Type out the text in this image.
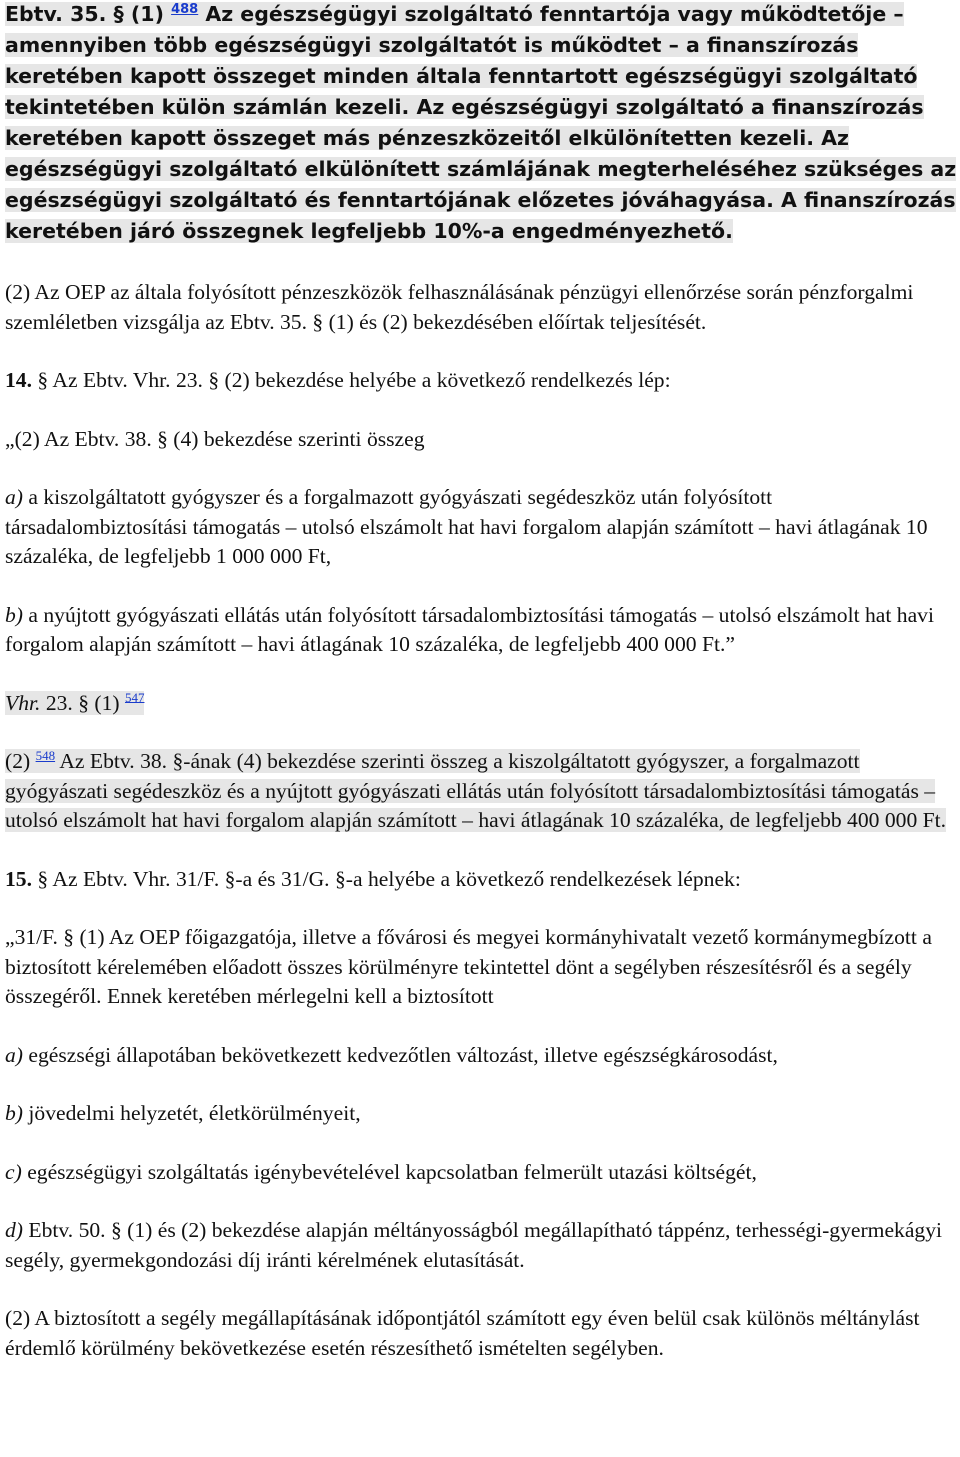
Ebtv. 35. § (1) $^{488}$ Az egészségügyi szolgáltató fenntartója vagy működtetője – amennyiben több egészségügyi szolgáltatót is működtet – a finanszírozás keretében kapott összeget minden általa fenntartott egészségügyi szolgáltató tekintetében külön számlán kezeli. Az egészségügyi szolgáltató a finanszírozás keretében kapott összeget más pénzeszközeitől elkülönítetten kezeli. Az egészségügyi szolgáltató elkülönített számlájának megterheléséhez szükséges az egészségügyi szolgáltató és fenntartójának előzetes jóváhagyása. A finanszírozás keretében járó összegnek legfeljebb 10%-a engedményezhető.

(2) Az OEP az általa folyósított pénzeszközök felhasználásának pénzügyi ellenőrzése során pénzforgalmi szemléletben vizsgálja az Ebtv. 35. § (1) és (2) bekezdésében előírtak teljesítését.

14. § Az Ebtv. Vhr. 23. § (2) bekezdése helyébe a következő rendelkezés lép:

„(2) Az Ebtv. 38. § (4) bekezdése szerinti összeg

a) a kiszolgáltatott gyógyszer és a forgalmazott gyógyászati segédeszköz után folyósított társadalombiztosítási támogatás – utolsó elszámolt hat havi forgalom alapján számított – havi átlagának 10 százaléka, de legfeljebb 1 000 000 Ft,

b) a nyújtott gyógyászati ellátás után folyósított társadalombiztosítási támogatás – utolsó elszámolt hat havi forgalom alapján számított – havi átlagának 10 százaléka, de legfeljebb 400 000 Ft.”

Vhr. 23. § (1) $^{547}$

(2) $^{548}$ Az Ebtv. 38. §-ának (4) bekezdése szerinti összeg a kiszolgáltatott gyógyszer, a forgalmazott gyógyászati segédeszköz és a nyújtott gyógyászati ellátás után folyósított társadalombiztosítási támogatás – utolsó elszámolt hat havi forgalom alapján számított – havi átlagának 10 százaléka, de legfeljebb 400 000 Ft.

15. § Az Ebtv. Vhr. 31/F. §-a és 31/G. §-a helyébe a következő rendelkezések lépnek:

„31/F. § (1) Az OEP főigazgatója, illetve a fővárosi és megyei kormányhivatalt vezető kormánymegbízott a biztosított kérelemében előadott összes körülményre tekintettel dönt a segélyben részesítésről és a segély összegéről. Ennek keretében mérlegelni kell a biztosított

a) egészségi állapotában bekövetkezett kedvezőtlen változást, illetve egészségkárosodást,

b) jövedelmi helyzetét, életkörülményeit,

c) egészségügyi szolgáltatás igénybevételével kapcsolatban felmerült utazási költségét,

d) Ebtv. 50. § (1) és (2) bekezdése alapján méltányosságból megállapítható táppénz, terhességi-gyermekágyi segély, gyermekgondozási díj iránti kérelmének elutasítását.

(2) A biztosított a segély megállapításának időpontjától számított egy éven belül csak különös méltánylást érdemlő körülmény bekövetkezése esetén részesíthető ismételten segélyben.
